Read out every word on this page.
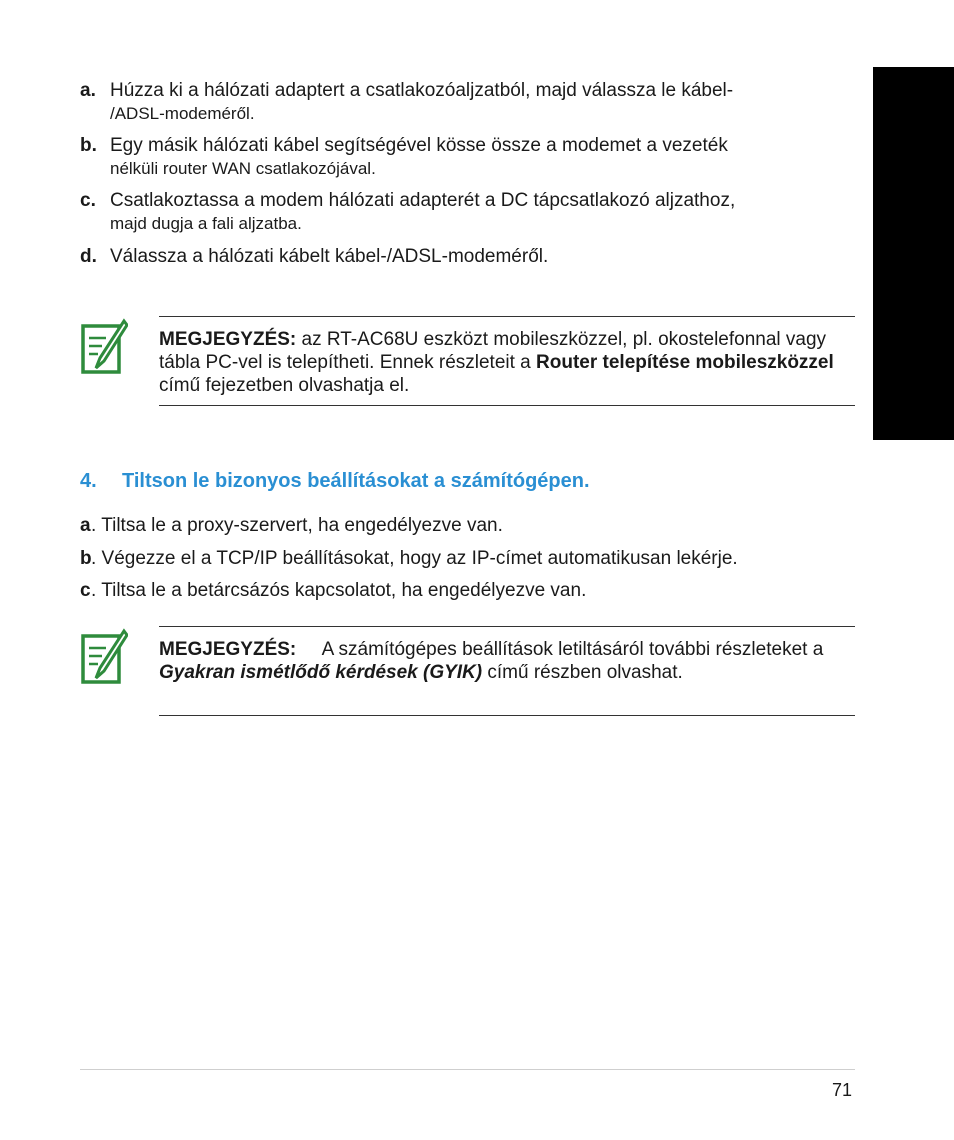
a. Húzza ki a hálózati adaptert a csatlakozóaljzatból, majd válassza le kábel-
/ADSL-modeméről.
b. Egy másik hálózati kábel segítségével kösse össze a modemet a vezeték
nélküli router WAN csatlakozójával.
c. Csatlakoztassa a modem hálózati adapterét a DC tápcsatlakozó aljzathoz,
majd dugja a fali aljzatba.
d. Válassza a hálózati kábelt kábel-/ADSL-modeméről.
MEGJEGYZÉS: az RT-AC68U eszközt mobileszközzel, pl. okostelefonnal vagy tábla PC-vel is telepítheti. Ennek részleteit a Router telepítése mobileszközzel című fejezetben olvashatja el.
4. Tiltson le bizonyos beállításokat a számítógépen.
a . Tiltsa le a proxy-szervert, ha engedélyezve van.
b . Végezze el a TCP/IP beállításokat, hogy az IP-címet automatikusan lekérje.
c . Tiltsa le a betárcsázós kapcsolatot, ha engedélyezve van.
MEGJEGYZÉS:     A számítógépes beállítások letiltásáról további részleteket a Gyakran ismétlődő kérdések (GYIK) című részben olvashat.
71
